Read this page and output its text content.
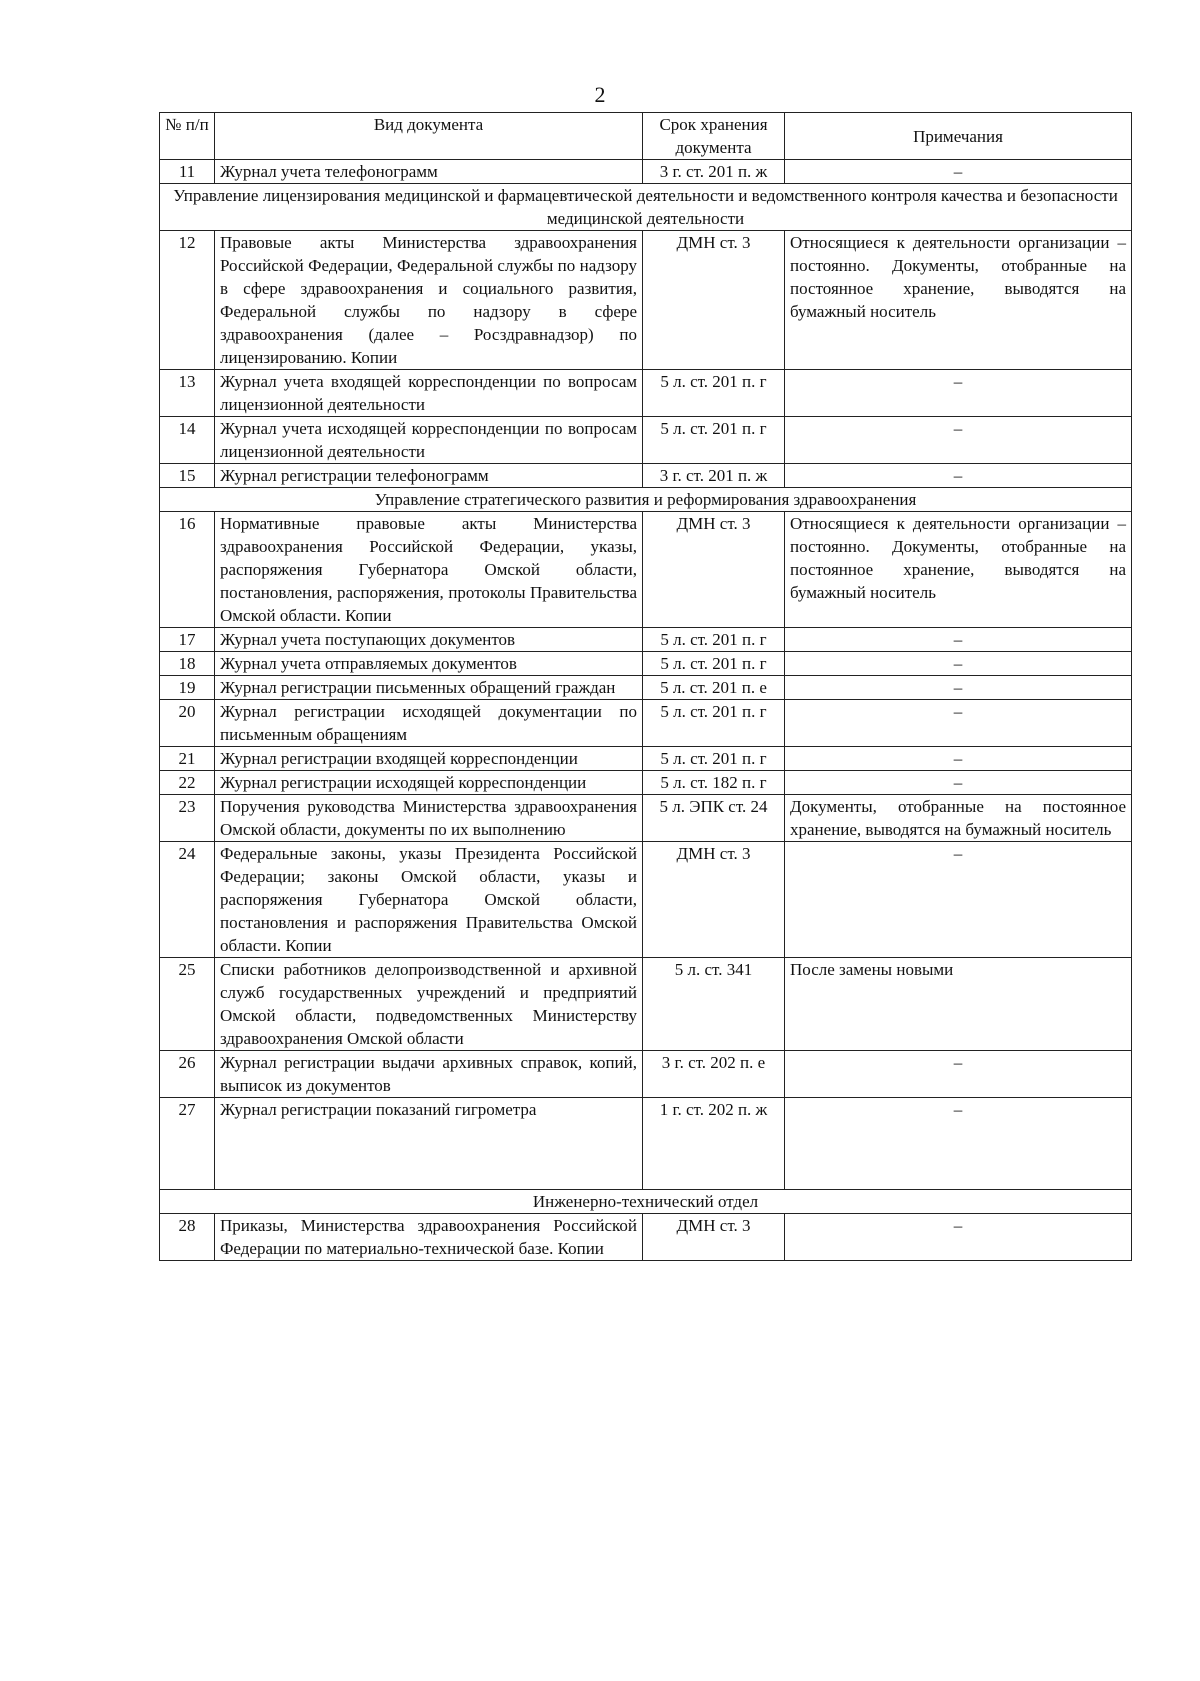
2
№ п/п	Вид документа	Срок хранения документа	Примечания
11	Журнал учета телефонограмм	3 г. ст. 201 п. ж	–
Управление лицензирования медицинской и фармацевтической деятельности и ведомственного контроля качества и безопасности медицинской деятельности			
12	Правовые акты Министерства здравоохранения Российской Федерации, Федеральной службы по надзору в сфере здравоохранения и социального развития, Федеральной службы по надзору в сфере здравоохранения (далее – Росздравнадзор) по лицензированию. Копии	ДМН ст. 3	Относящиеся к деятельности организации – постоянно. Документы, отобранные на постоянное хранение, выводятся на бумажный носитель
13	Журнал учета входящей корреспонденции по вопросам лицензионной деятельности	5 л. ст. 201 п. г	–
14	Журнал учета исходящей корреспонденции по вопросам лицензионной деятельности	5 л. ст. 201 п. г	–
15	Журнал регистрации телефонограмм	3 г. ст. 201 п. ж	–
Управление стратегического развития и реформирования здравоохранения			
16	Нормативные правовые акты Министерства здравоохранения Российской Федерации, указы, распоряжения Губернатора Омской области, постановления, распоряжения, протоколы Правительства Омской области. Копии	ДМН ст. 3	Относящиеся к деятельности организации – постоянно. Документы, отобранные на постоянное хранение, выводятся на бумажный носитель
17	Журнал учета поступающих документов	5 л. ст. 201 п. г	–
18	Журнал учета отправляемых документов	5 л. ст. 201 п. г	–
19	Журнал регистрации письменных обращений граждан	5 л. ст. 201 п. е	–
20	Журнал регистрации исходящей документации по письменным обращениям	5 л. ст. 201 п. г	–
21	Журнал регистрации входящей корреспонденции	5 л. ст. 201 п. г	–
22	Журнал регистрации исходящей корреспонденции	5 л. ст. 182 п. г	–
23	Поручения руководства Министерства здравоохранения Омской области, документы по их выполнению	5 л. ЭПК ст. 24	Документы, отобранные на постоянное хранение, выводятся на бумажный носитель
24	Федеральные законы, указы Президента Российской Федерации; законы Омской области, указы и распоряжения Губернатора Омской области, постановления и распоряжения Правительства Омской области. Копии	ДМН ст. 3	–
25	Списки работников делопроизводственной и архивной служб государственных учреждений и предприятий Омской области, подведомственных Министерству здравоохранения Омской области	5 л. ст. 341	После замены новыми
26	Журнал регистрации выдачи архивных справок, копий, выписок из документов	3 г. ст. 202 п. е	–
27	Журнал регистрации показаний гигрометра	1 г. ст. 202 п. ж	–
Инженерно-технический отдел			
28	Приказы, Министерства здравоохранения Российской Федерации по материально-технической базе. Копии	ДМН ст. 3	–
